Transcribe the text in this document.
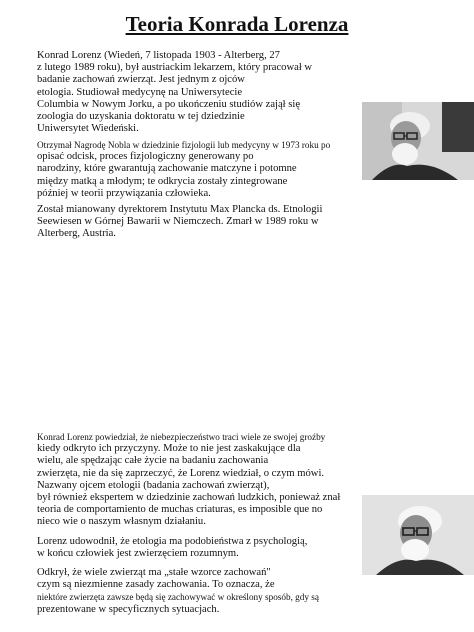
Teoria Konrada Lorenza

Konrad Lorenz (Wiedeń, 7 listopada 1903 - Alterberg, 27
z lutego 1989 roku), był austriackim lekarzem, który pracował w
badanie zachowań zwierząt. Jest jednym z ojców
etologia. Studiował medycynę na Uniwersytecie
Columbia w Nowym Jorku, a po ukończeniu studiów zajął się
zoologia do uzyskania doktoratu w tej dziedzinie
Uniwersytet Wiedeński.

Otrzymał Nagrodę Nobla w dziedzinie fizjologii lub medycyny w 1973 roku po
opisać odcisk, proces fizjologiczny generowany po
narodziny, które gwarantują zachowanie matczyne i potomne
między matką a młodym; te odkrycia zostały zintegrowane
później w teorii przywiązania człowieka.

Został mianowany dyrektorem Instytutu Max Plancka ds. Etnologii
Seewiesen w Górnej Bawarii w Niemczech. Zmarł w 1989 roku w
Alterberg, Austria.

Konrad Lorenz powiedział, że niebezpieczeństwo traci wiele ze swojej groźby
kiedy odkryto ich przyczyny. Może to nie jest zaskakujące dla
wielu, ale spędzając całe życie na badaniu zachowania
zwierzęta, nie da się zaprzeczyć, że Lorenz wiedział, o czym mówi.
Nazwany ojcem etologii (badania zachowań zwierząt),
był również ekspertem w dziedzinie zachowań ludzkich, ponieważ znał
teoria de comportamiento de muchas criaturas, es imposible que no
nieco wie o naszym własnym działaniu.

Lorenz udowodnił, że etologia ma podobieństwa z psychologią,
w końcu człowiek jest zwierzęciem rozumnym.

Odkrył, że wiele zwierząt ma „stałe wzorce zachowań"
czym są niezmienne zasady zachowania. To oznacza, że
niektóre zwierzęta zawsze będą się zachowywać w określony sposób, gdy są
prezentowane w specyficznych sytuacjach.
